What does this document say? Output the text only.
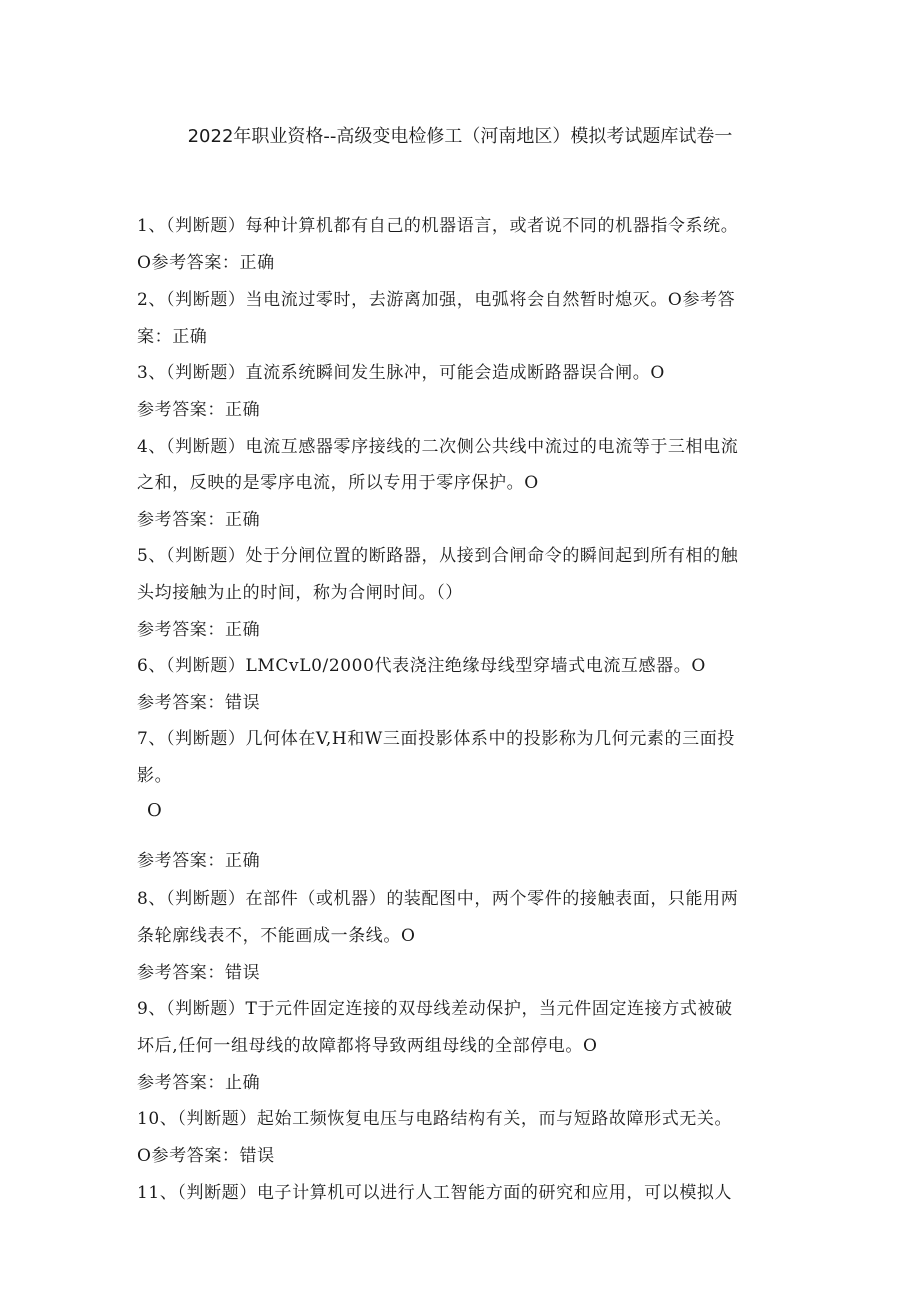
2022年职业资格--高级变电检修工（河南地区）模拟考试题库试卷一
1、（判断题）每种计算机都有自己的机器语言，或者说不同的机器指令系统。
O参考答案：正确
2、（判断题）当电流过零时，去游离加强，电弧将会自然暂时熄灭。O参考答
案：正确
3、（判断题）直流系统瞬间发生脉冲，可能会造成断路器误合闸。O
参考答案：正确
4、（判断题）电流互感器零序接线的二次侧公共线中流过的电流等于三相电流
之和，反映的是零序电流，所以专用于零序保护。O
参考答案：正确
5、（判断题）处于分闸位置的断路器，从接到合闸命令的瞬间起到所有相的触
头均接触为止的时间，称为合闸时间。（）
参考答案：正确
6、（判断题）LMCvL0/2000代表浇注绝缘母线型穿墙式电流互感器。O
参考答案：错误
7、（判断题）几何体在V,H和W三面投影体系中的投影称为几何元素的三面投
影。
O
参考答案：正确
8、（判断题）在部件（或机器）的装配图中，两个零件的接触表面，只能用两
条轮廓线表不，不能画成一条线。O
参考答案：错误
9、（判断题）T于元件固定连接的双母线差动保护，当元件固定连接方式被破
坏后,任何一组母线的故障都将导致两组母线的全部停电。O
参考答案：止确
10、（判断题）起始工频恢复电压与电路结构有关，而与短路故障形式无关。
O参考答案：错误
11、（判断题）电子计算机可以进行人工智能方面的研究和应用，可以模拟人
